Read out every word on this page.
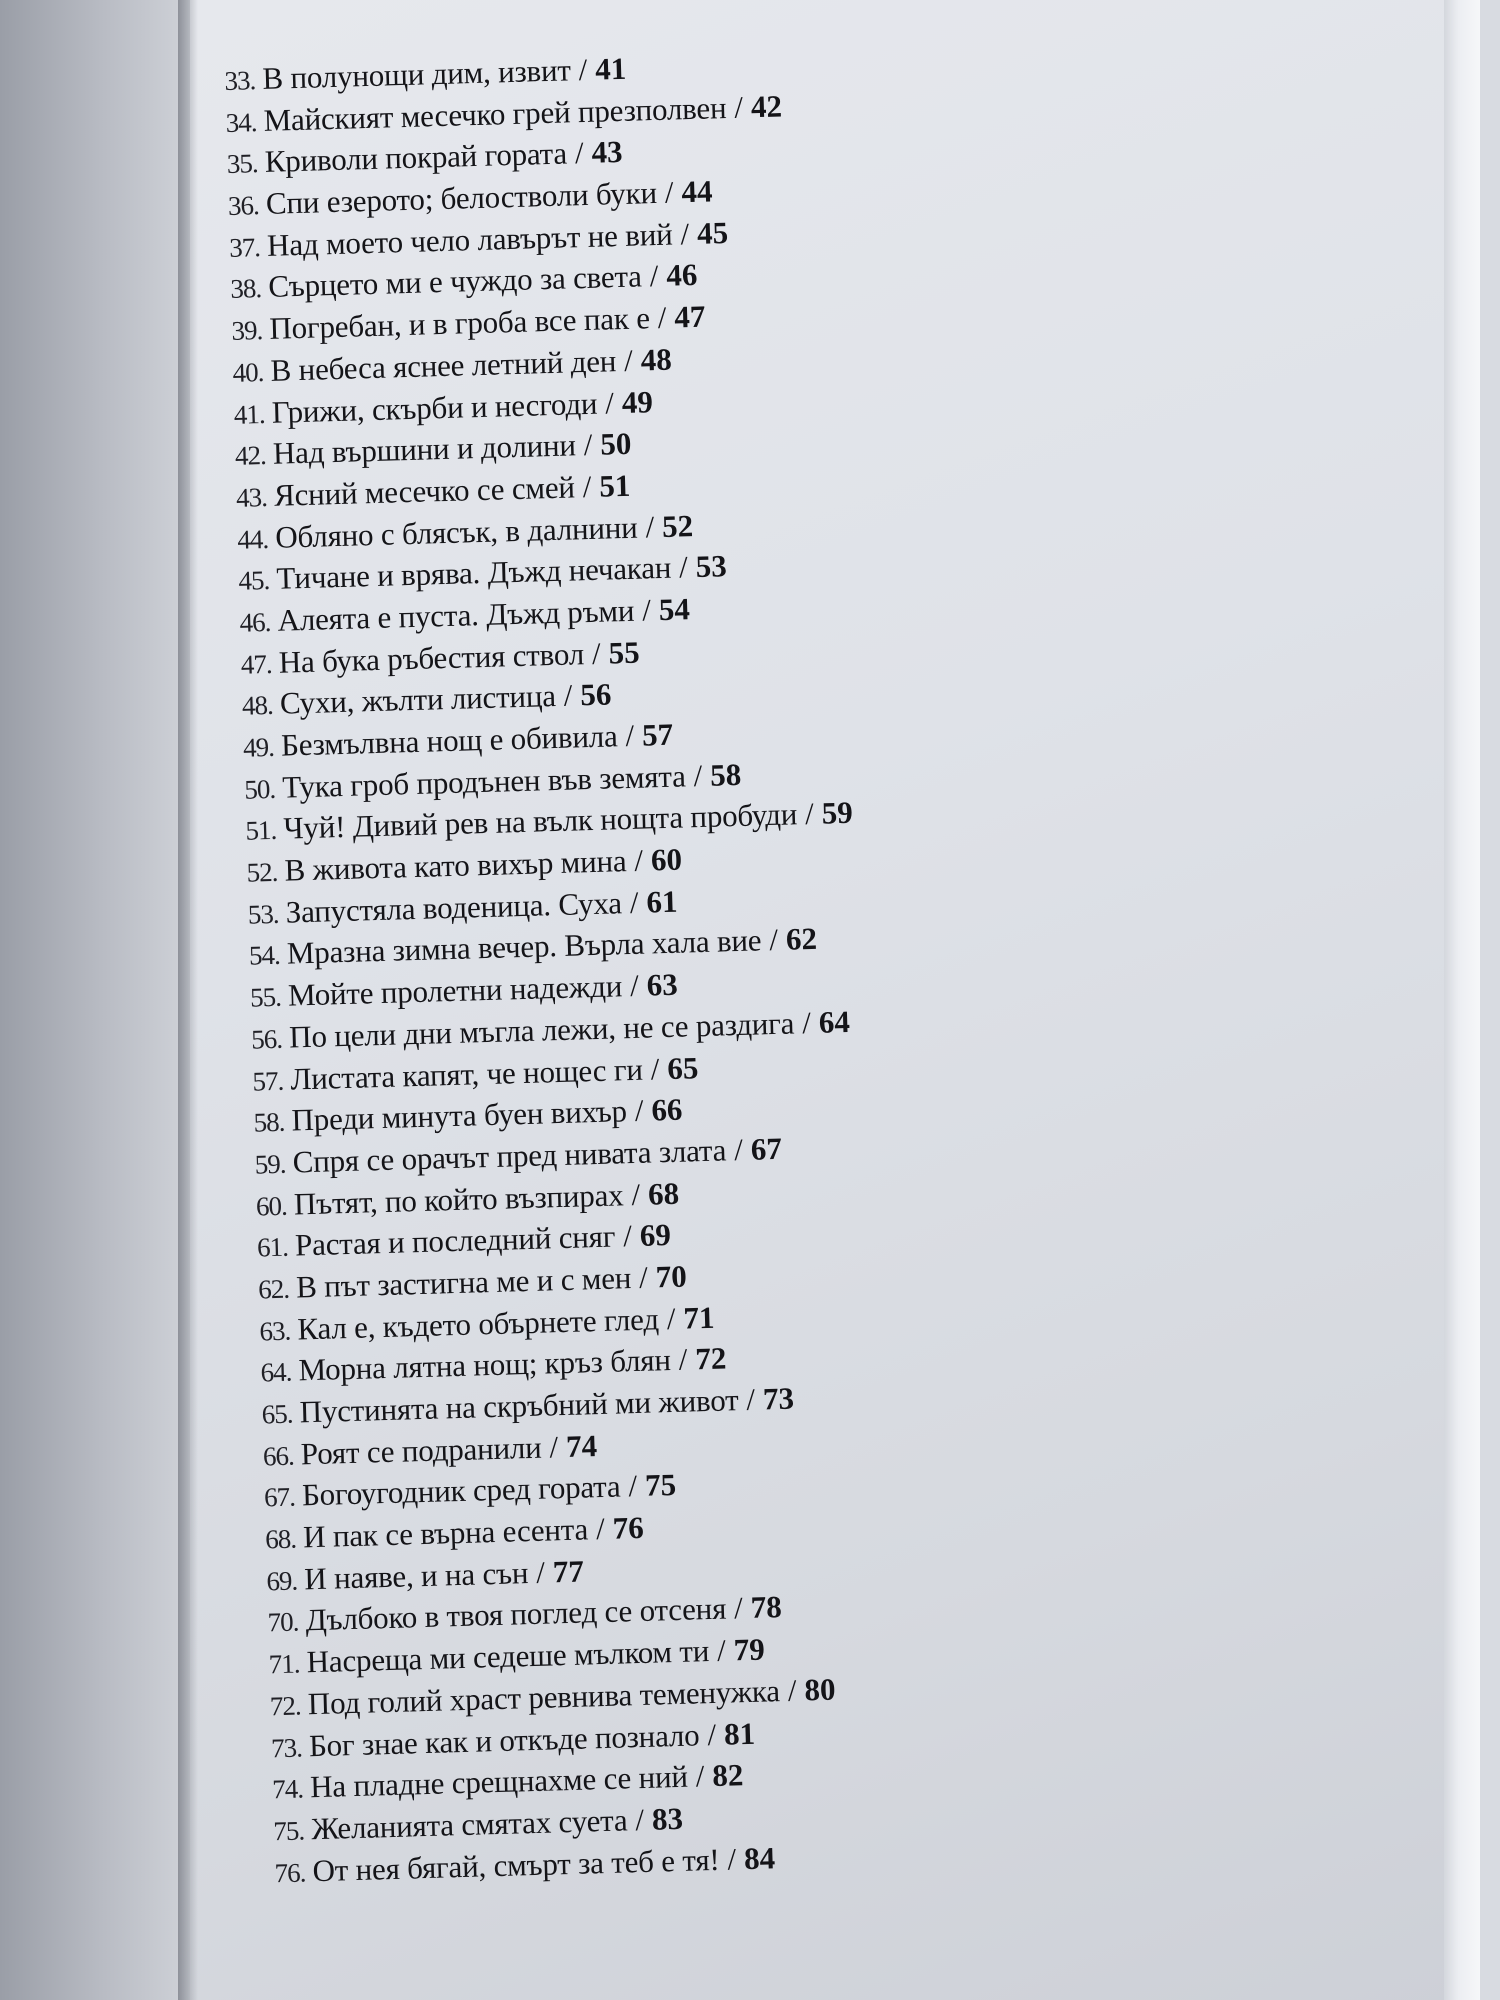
33. В полунощи дим, извит / 41
34. Майският месечко грей презполвен / 42
35. Криволи покрай гората / 43
36. Спи езерото; белостволи буки / 44
37. Над моето чело лавърът не вий / 45
38. Сърцето ми е чуждо за света / 46
39. Погребан, и в гроба все пак е / 47
40. В небеса яснее летний ден / 48
41. Грижи, скърби и несгоди / 49
42. Над вършини и долини / 50
43. Ясний месечко се смей / 51
44. Обляно с блясък, в далнини / 52
45. Тичане и врява. Дъжд нечакан / 53
46. Алеята е пуста. Дъжд ръми / 54
47. На бука ръбестия ствол / 55
48. Сухи, жълти листица / 56
49. Безмълвна нощ е обивила / 57
50. Тука гроб продънен във земята / 58
51. Чуй! Дивий рев на вълк нощта пробуди / 59
52. В живота като вихър мина / 60
53. Запустяла воденица. Суха / 61
54. Мразна зимна вечер. Върла хала вие / 62
55. Мойте пролетни надежди / 63
56. По цели дни мъгла лежи, не се раздига / 64
57. Листата капят, че нощес ги / 65
58. Преди минута буен вихър / 66
59. Спря се орачът пред нивата злата / 67
60. Пътят, по който възпирах / 68
61. Растая и последний сняг / 69
62. В път застигна ме и с мен / 70
63. Кал е, където обърнете глед / 71
64. Морна лятна нощ; кръз блян / 72
65. Пустинята на скръбний ми живот / 73
66. Роят се подранили / 74
67. Богоугодник сред гората / 75
68. И пак се върна есента / 76
69. И наяве, и на сън / 77
70. Дълбоко в твоя поглед се отсеня / 78
71. Насреща ми седеше мълком ти / 79
72. Под голий храст ревнива теменужка / 80
73. Бог знае как и откъде познало / 81
74. На пладне срещнахме се ний / 82
75. Желанията смятах суета / 83
76. От нея бягай, смърт за теб е тя! / 84
